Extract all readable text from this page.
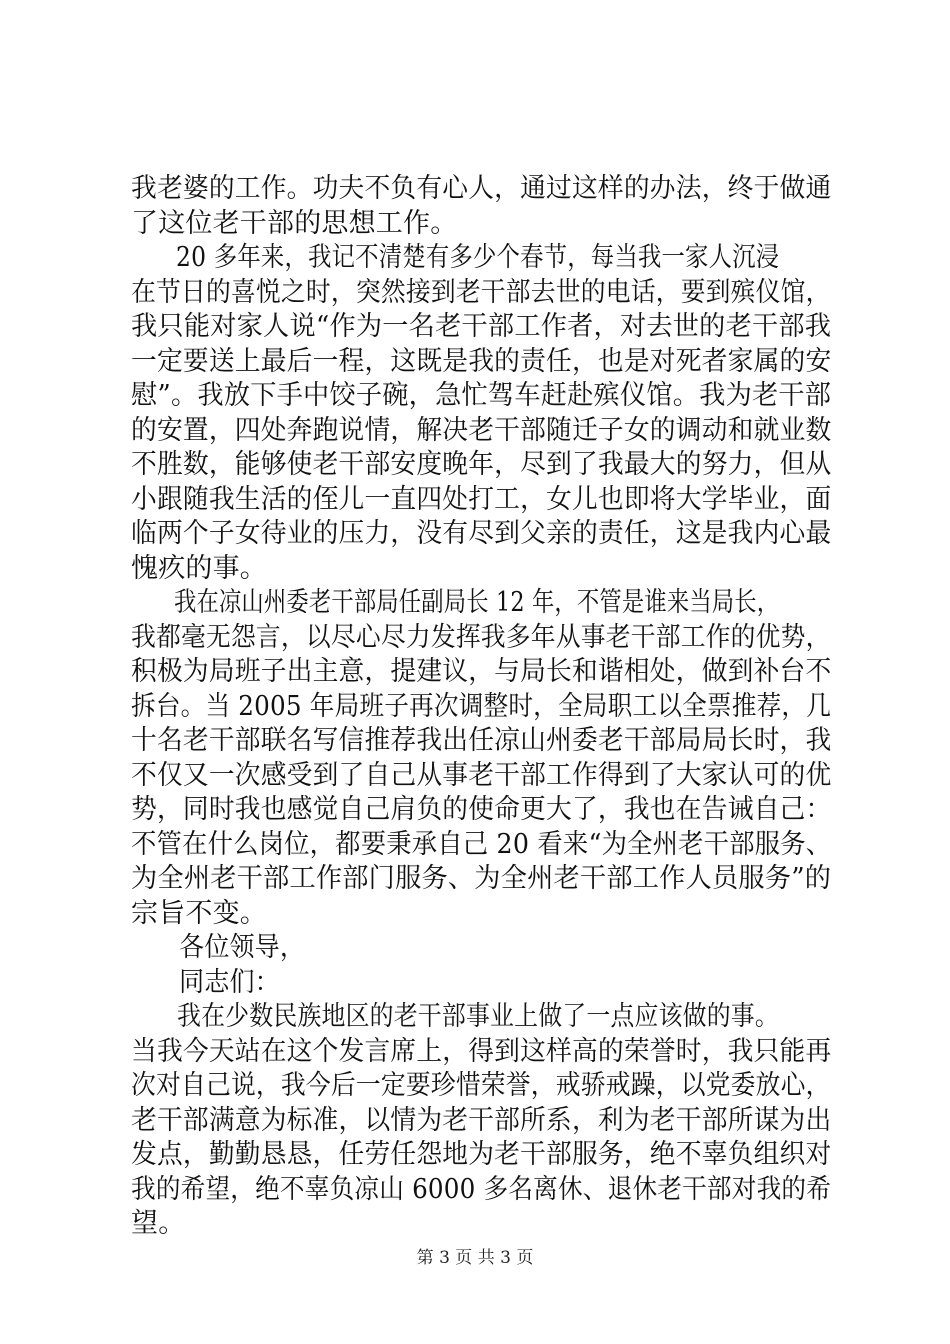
我老婆的工作。功夫不负有心人，通过这样的办法，终于做通
了这位老干部的思想工作。
20 多年来，我记不清楚有多少个春节，每当我一家人沉浸
在节日的喜悦之时，突然接到老干部去世的电话，要到殡仪馆，
我只能对家人说“作为一名老干部工作者，对去世的老干部我
一定要送上最后一程，这既是我的责任，也是对死者家属的安
慰”。我放下手中饺子碗，急忙驾车赶赴殡仪馆。我为老干部
的安置，四处奔跑说情，解决老干部随迁子女的调动和就业数
不胜数，能够使老干部安度晚年，尽到了我最大的努力，但从
小跟随我生活的侄儿一直四处打工，女儿也即将大学毕业，面
临两个子女待业的压力，没有尽到父亲的责任，这是我内心最
愧疚的事。
我在凉山州委老干部局任副局长 12 年，不管是谁来当局长，
我都毫无怨言，以尽心尽力发挥我多年从事老干部工作的优势，
积极为局班子出主意，提建议，与局长和谐相处，做到补台不
拆台。当 2005 年局班子再次调整时，全局职工以全票推荐，几
十名老干部联名写信推荐我出任凉山州委老干部局局长时，我
不仅又一次感受到了自己从事老干部工作得到了大家认可的优
势，同时我也感觉自己肩负的使命更大了，我也在告诫自己：
不管在什么岗位，都要秉承自己 20 看来“为全州老干部服务、
为全州老干部工作部门服务、为全州老干部工作人员服务”的
宗旨不变。
各位领导，
同志们：
我在少数民族地区的老干部事业上做了一点应该做的事。
当我今天站在这个发言席上，得到这样高的荣誉时，我只能再
次对自己说，我今后一定要珍惜荣誉，戒骄戒躁，以党委放心，
老干部满意为标准，以情为老干部所系，利为老干部所谋为出
发点，勤勤恳恳，任劳任怨地为老干部服务，绝不辜负组织对
我的希望，绝不辜负凉山 6000 多名离休、退休老干部对我的希
望。
第 3 页 共 3 页
